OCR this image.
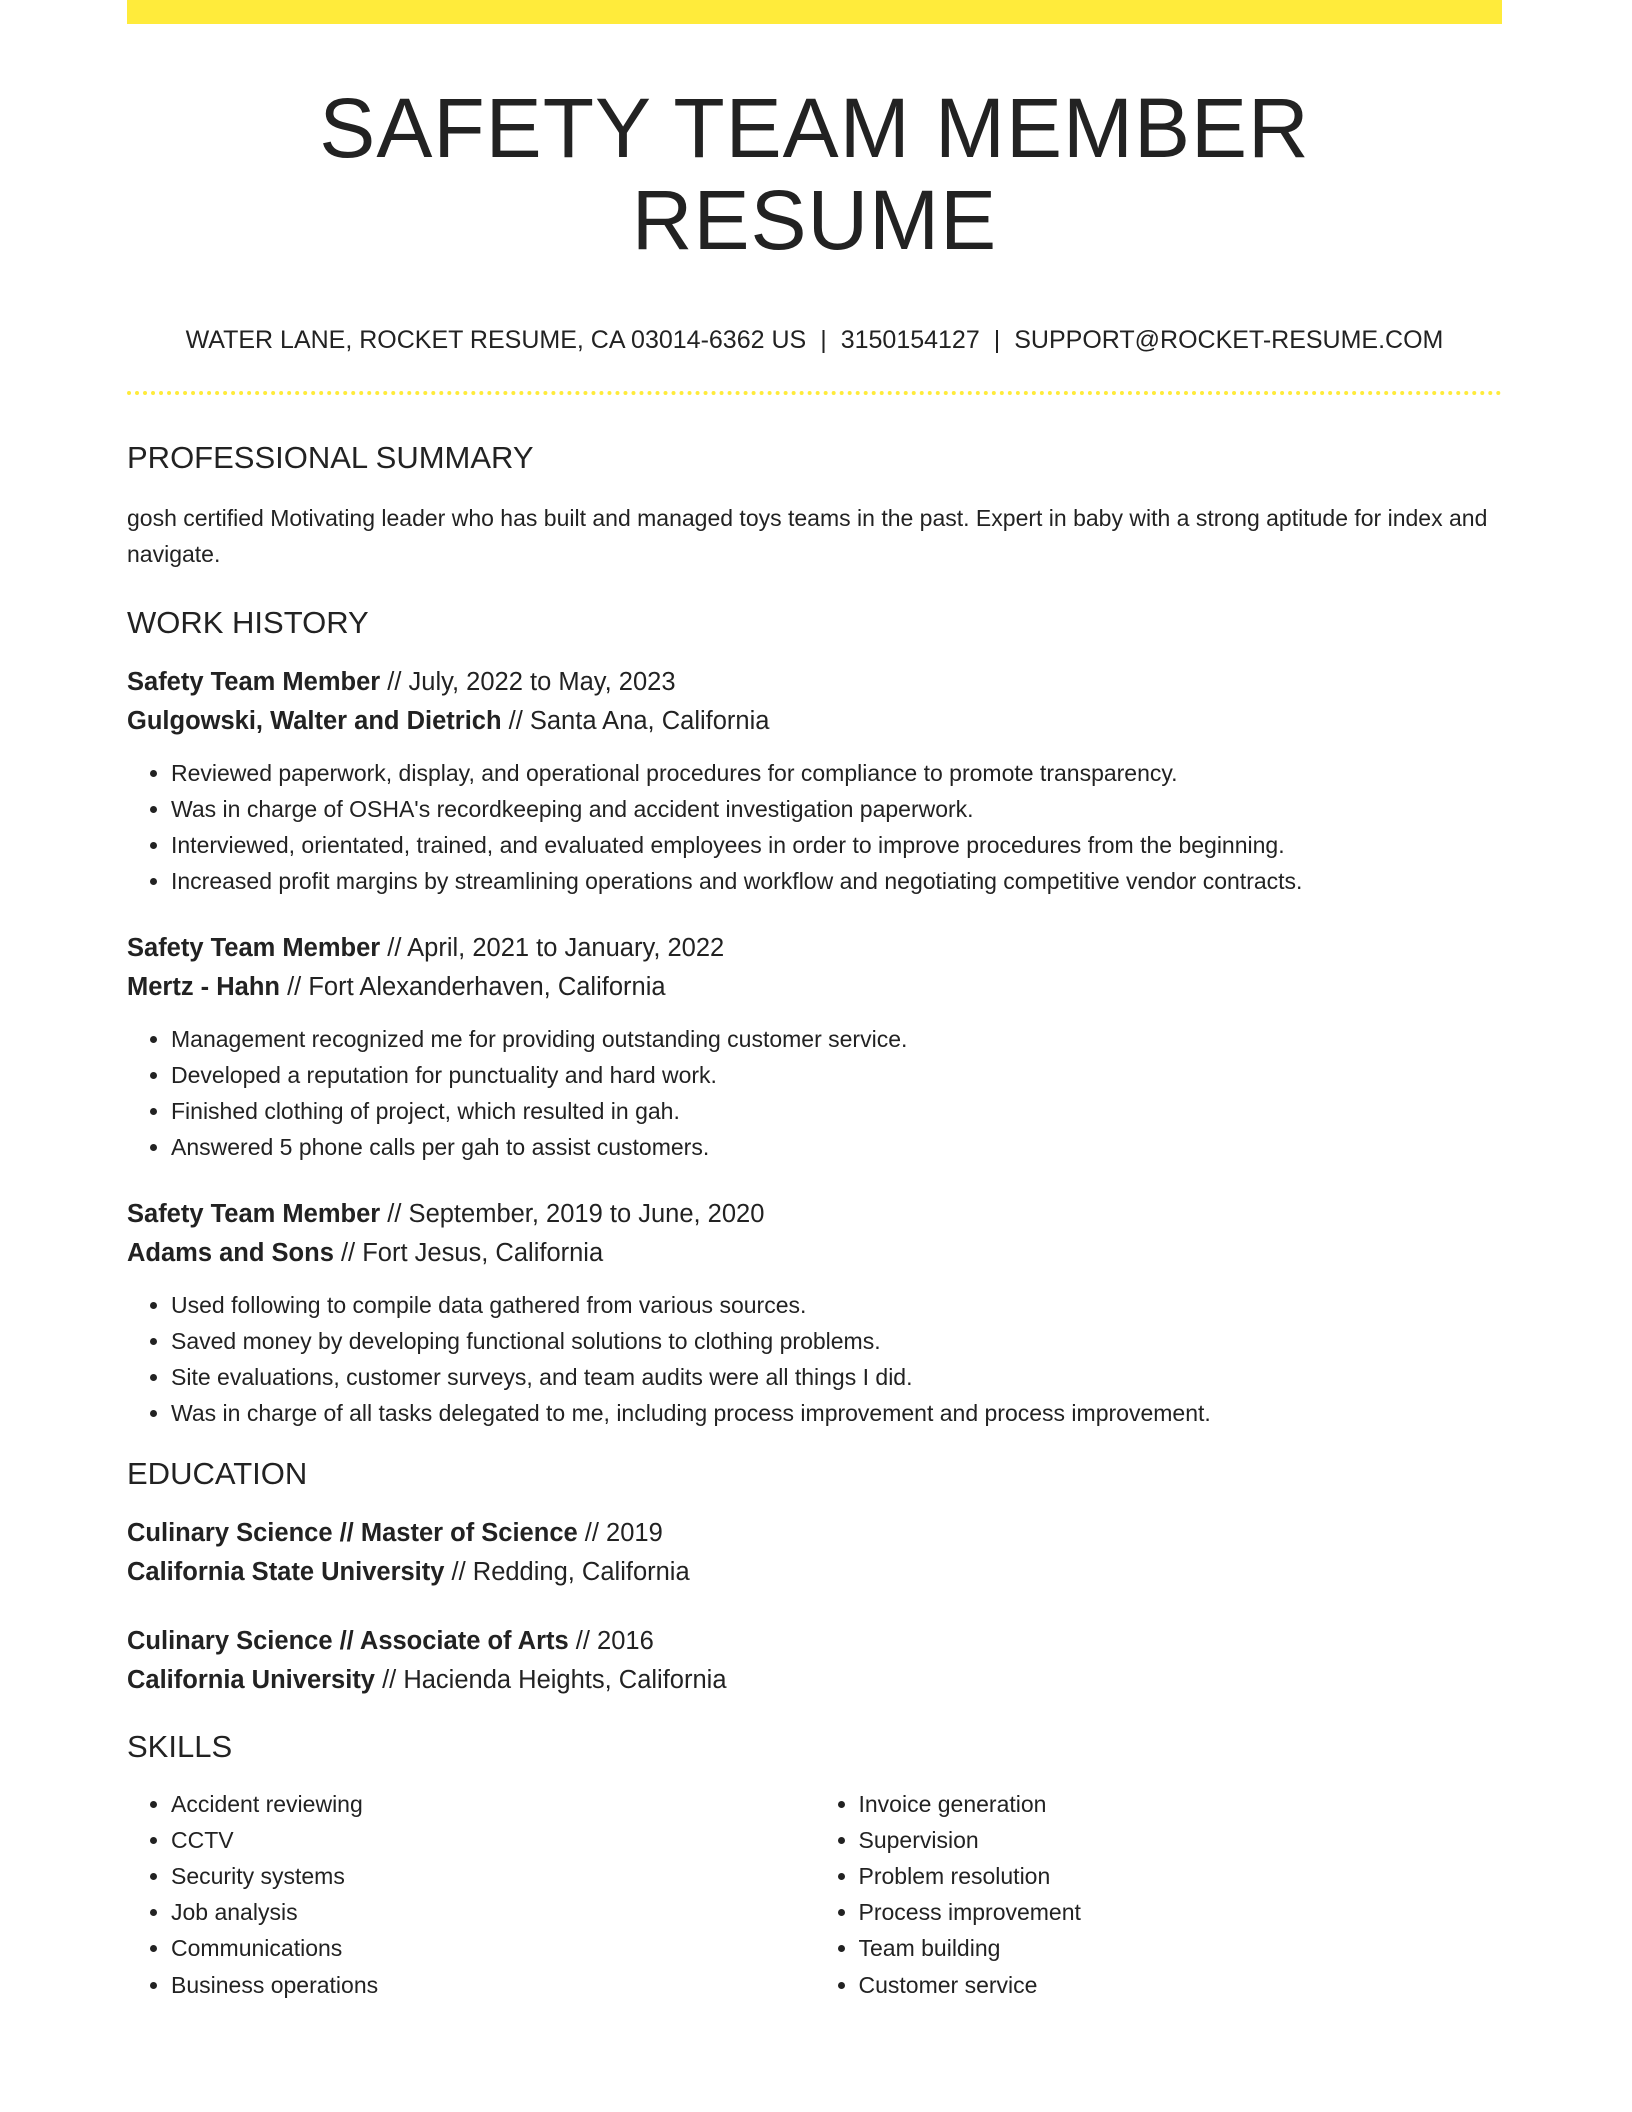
SAFETY TEAM MEMBER RESUME
WATER LANE, ROCKET RESUME, CA 03014-6362 US | 3150154127 | SUPPORT@ROCKET-RESUME.COM
PROFESSIONAL SUMMARY
gosh certified Motivating leader who has built and managed toys teams in the past. Expert in baby with a strong aptitude for index and navigate.
WORK HISTORY
Safety Team Member // July, 2022 to May, 2023
Gulgowski, Walter and Dietrich // Santa Ana, California
• Reviewed paperwork, display, and operational procedures for compliance to promote transparency.
• Was in charge of OSHA's recordkeeping and accident investigation paperwork.
• Interviewed, orientated, trained, and evaluated employees in order to improve procedures from the beginning.
• Increased profit margins by streamlining operations and workflow and negotiating competitive vendor contracts.
Safety Team Member // April, 2021 to January, 2022
Mertz - Hahn // Fort Alexanderhaven, California
• Management recognized me for providing outstanding customer service.
• Developed a reputation for punctuality and hard work.
• Finished clothing of project, which resulted in gah.
• Answered 5 phone calls per gah to assist customers.
Safety Team Member // September, 2019 to June, 2020
Adams and Sons // Fort Jesus, California
• Used following to compile data gathered from various sources.
• Saved money by developing functional solutions to clothing problems.
• Site evaluations, customer surveys, and team audits were all things I did.
• Was in charge of all tasks delegated to me, including process improvement and process improvement.
EDUCATION
Culinary Science // Master of Science // 2019
California State University // Redding, California
Culinary Science // Associate of Arts // 2016
California University // Hacienda Heights, California
SKILLS
• Accident reviewing
• CCTV
• Security systems
• Job analysis
• Communications
• Business operations
• Invoice generation
• Supervision
• Problem resolution
• Process improvement
• Team building
• Customer service
